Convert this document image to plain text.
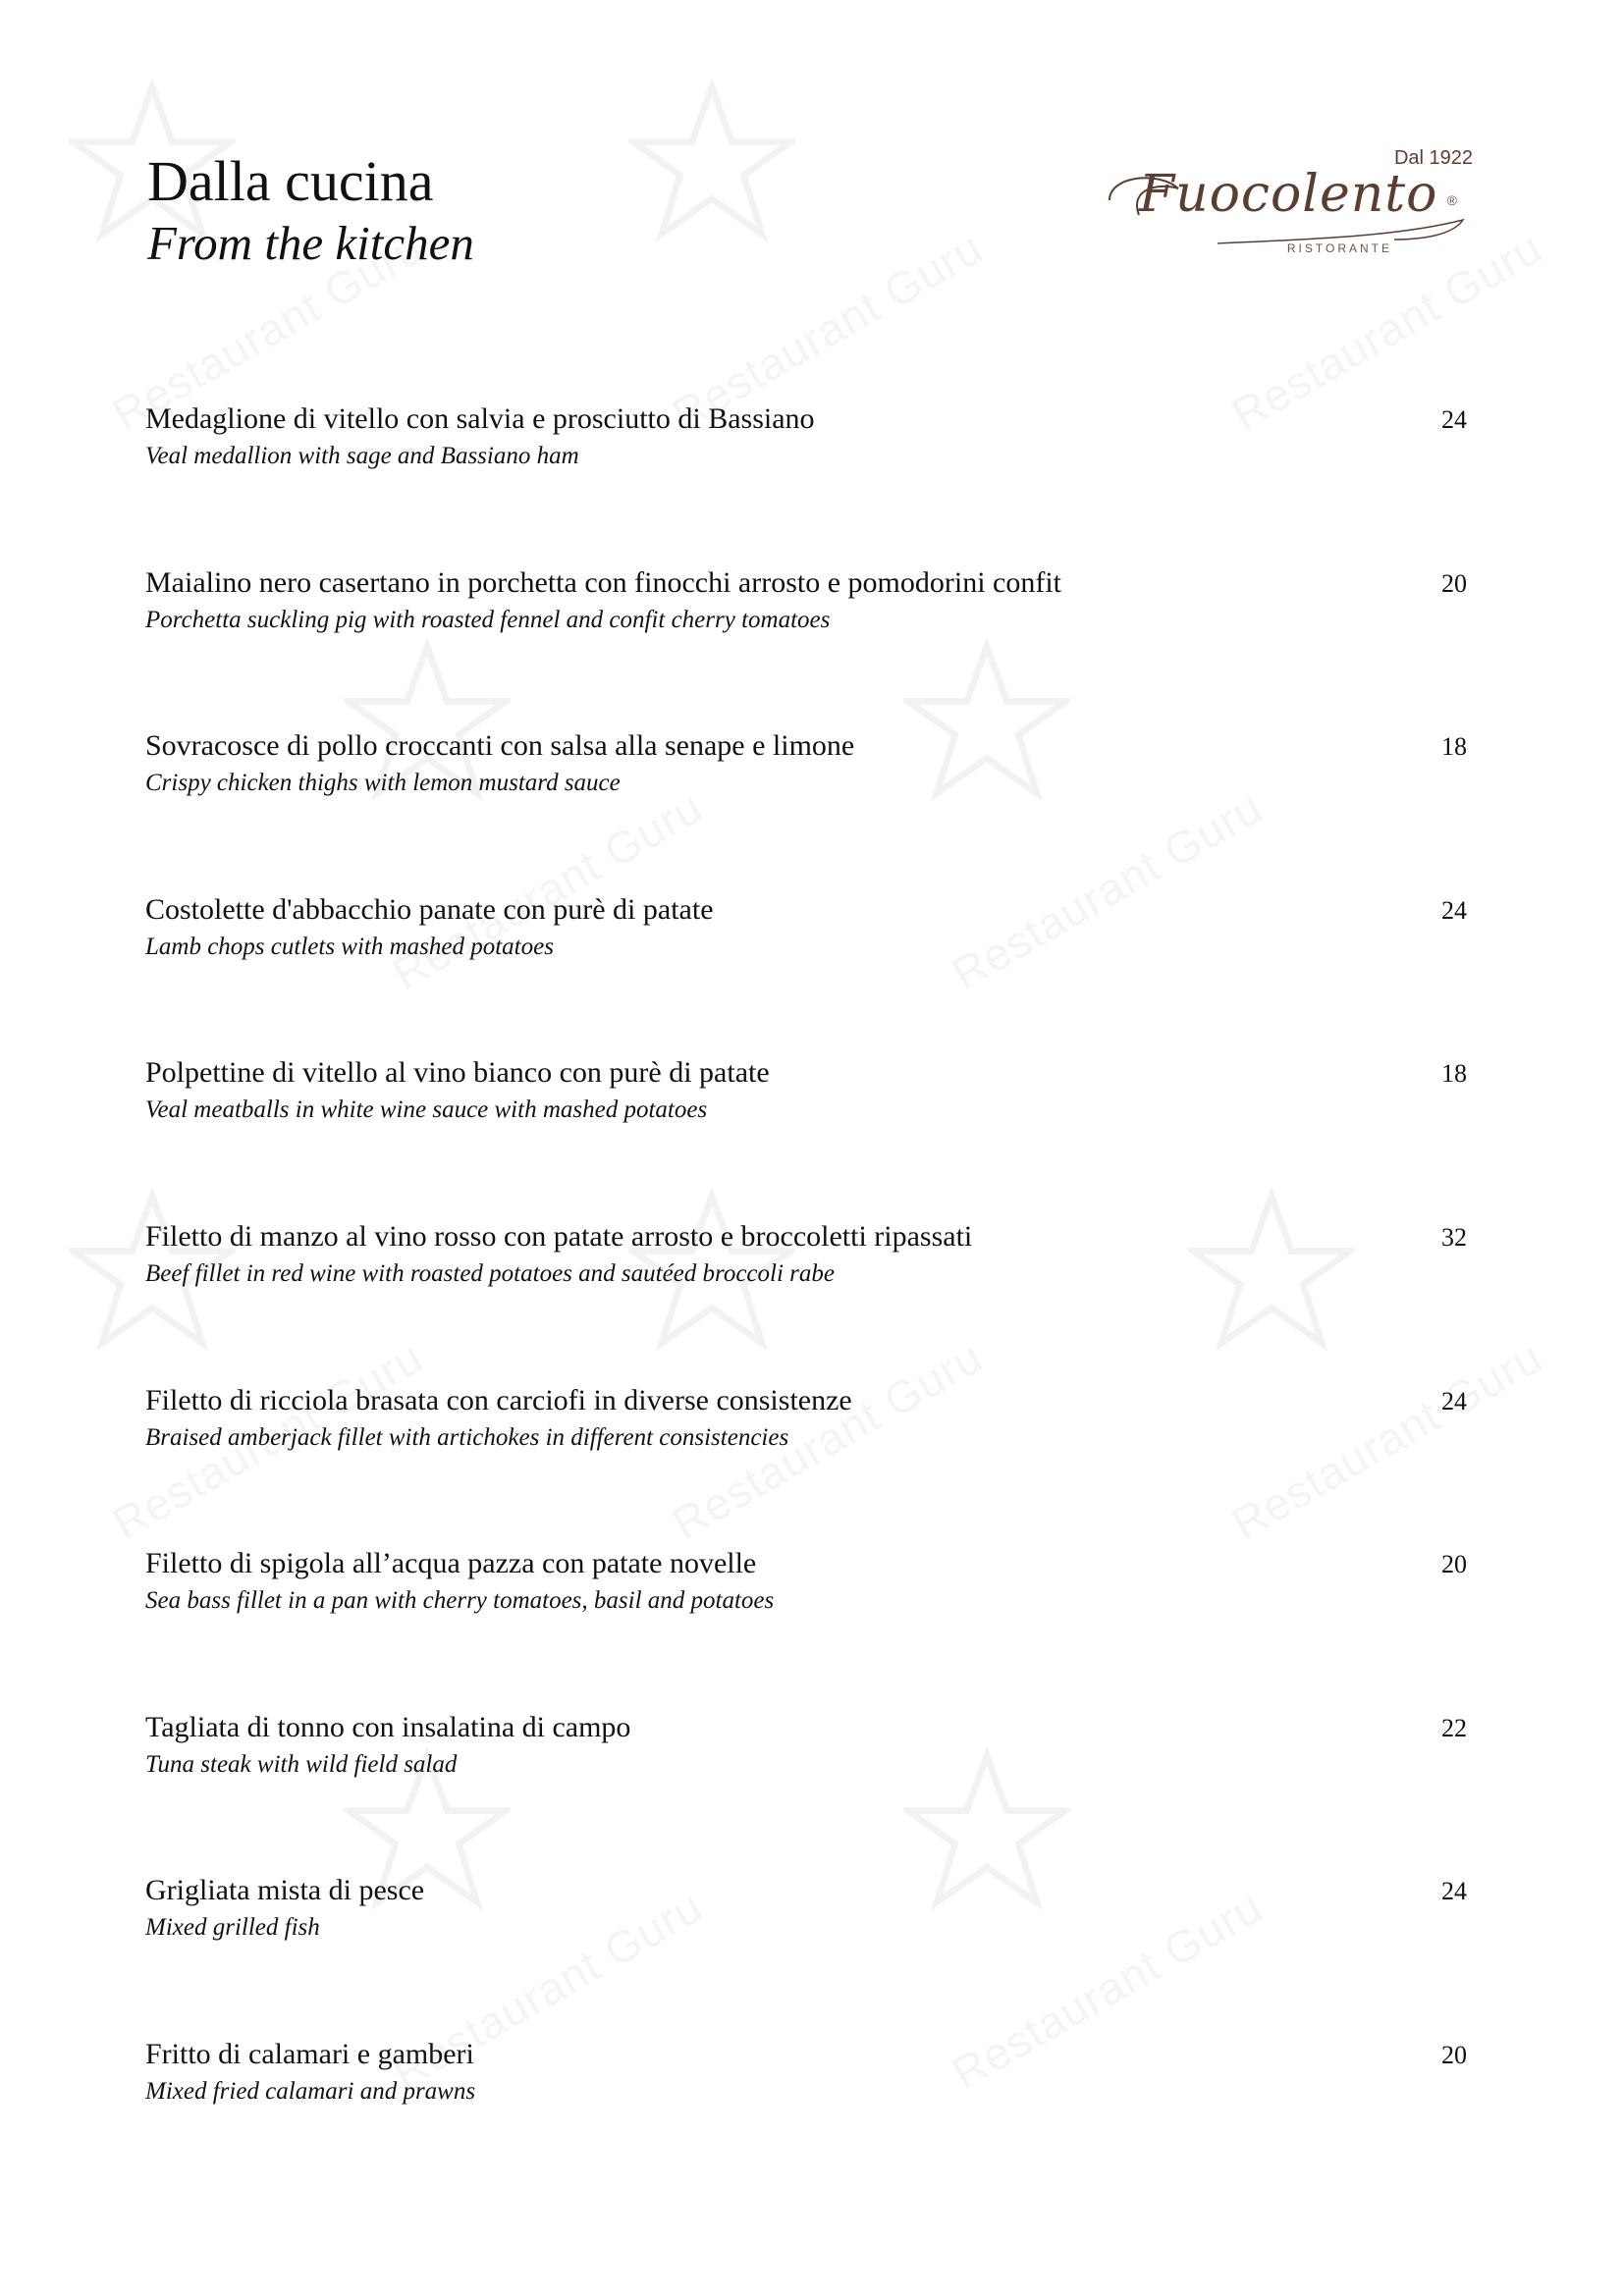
Dalla cucina

From the kitchen

Dal 1922
Fuocolento ®
RISTORANTE
Medaglione di vitello con salvia e prosciutto di Bassiano
Veal medallion with sage and Bassiano ham
24
Maialino nero casertano in porchetta con finocchi arrosto e pomodorini confit
Porchetta suckling pig with roasted fennel and confit cherry tomatoes
20
Sovracosce di pollo croccanti con salsa alla senape e limone
Crispy chicken thighs with lemon mustard sauce
18
Costolette d'abbacchio panate con purè di patate
Lamb chops cutlets with mashed potatoes
24
Polpettine di vitello al vino bianco con purè di patate
Veal meatballs in white wine sauce with mashed potatoes
18
Filetto di manzo al vino rosso con patate arrosto e broccoletti ripassati
Beef fillet in red wine with roasted potatoes and sautéed broccoli rabe
32
Filetto di ricciola brasata con carciofi in diverse consistenze
Braised amberjack fillet with artichokes in different consistencies
24
Filetto di spigola all’acqua pazza con patate novelle
Sea bass fillet in a pan with cherry tomatoes, basil and potatoes
20
Tagliata di tonno con insalatina di campo
Tuna steak with wild field salad
22
Grigliata mista di pesce
Mixed grilled fish
24
Fritto di calamari e gamberi
Mixed fried calamari and prawns
20
